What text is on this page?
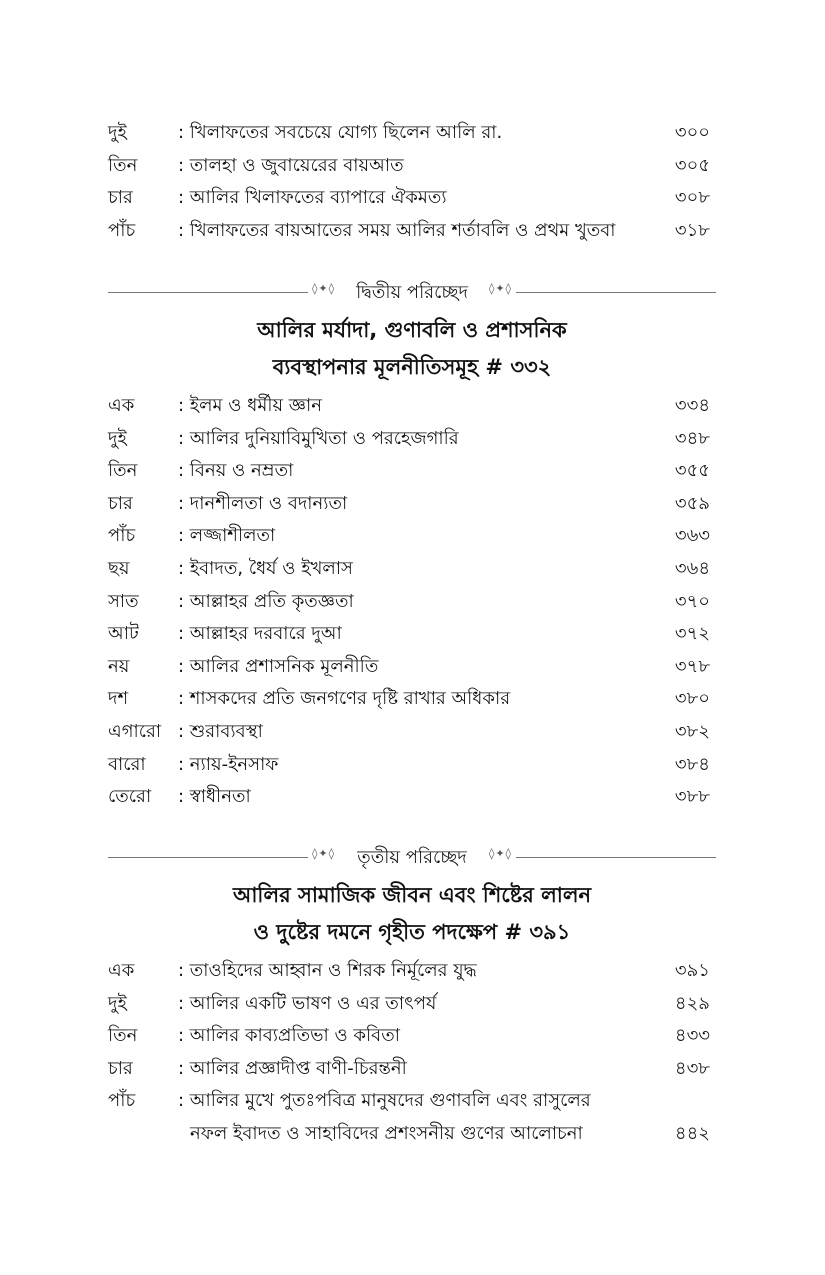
দুই	: খিলাফতের সবচেয়ে যোগ্য ছিলেন আলি রা.	৩০০
তিন : তালহা ও জুবায়েরের বায়আত	৩০৫
চার	: আলির খিলাফতের ব্যাপারে ঐকমত্য	৩০৮
পাঁচ : খিলাফতের বায়আতের সময় আলির শর্তাবলি ও প্রথম খুতবা	৩১৮
◊✦◊	দ্বিতীয় পরিচ্ছেদ	◊✦◊
আলির মর্যাদা, গুণাবলি ও প্রশাসনিক
ব্যবস্থাপনার মূলনীতিসমূহ # ৩৩২
এক : ইলম ও ধর্মীয় জ্ঞান	৩৩৪
দুই	: আলির দুনিয়াবিমুখিতা ও পরহেজগারি	৩৪৮
তিন : বিনয় ও নম্রতা	৩৫৫
চার	: দানশীলতা ও বদান্যতা	৩৫৯
পাঁচ : লজ্জাশীলতা	৩৬৩
ছয়	: ইবাদত, ধৈর্য ও ইখলাস	৩৬৪
সাত : আল্লাহর প্রতি কৃতজ্ঞতা	৩৭০
আট : আল্লাহর দরবারে দুআ	৩৭২
নয়	: আলির প্রশাসনিক মূলনীতি	৩৭৮
দশ	: শাসকদের প্রতি জনগণের দৃষ্টি রাখার অধিকার	৩৮০
এগারো : শুরাব্যবস্থা	৩৮২
বারো : ন্যায়-ইনসাফ	৩৮৪
তেরো : স্বাধীনতা	৩৮৮
◊✦◊	তৃতীয় পরিচ্ছেদ	◊✦◊
আলির সামাজিক জীবন এবং শিষ্টের লালন
ও দুষ্টের দমনে গৃহীত পদক্ষেপ # ৩৯১
এক : তাওহিদের আহ্বান ও শিরক নির্মূলের যুদ্ধ	৩৯১
দুই	: আলির একটি ভাষণ ও এর তাৎপর্য	৪২৯
তিন : আলির কাব্যপ্রতিভা ও কবিতা	৪৩৩
চার	: আলির প্রজ্ঞাদীপ্ত বাণী-চিরন্তনী	৪৩৮
পাঁচ : আলির মুখে পুতঃপবিত্র মানুষদের গুণাবলি এবং রাসুলের
নফল ইবাদত ও সাহাবিদের প্রশংসনীয় গুণের আলোচনা	৪৪২
